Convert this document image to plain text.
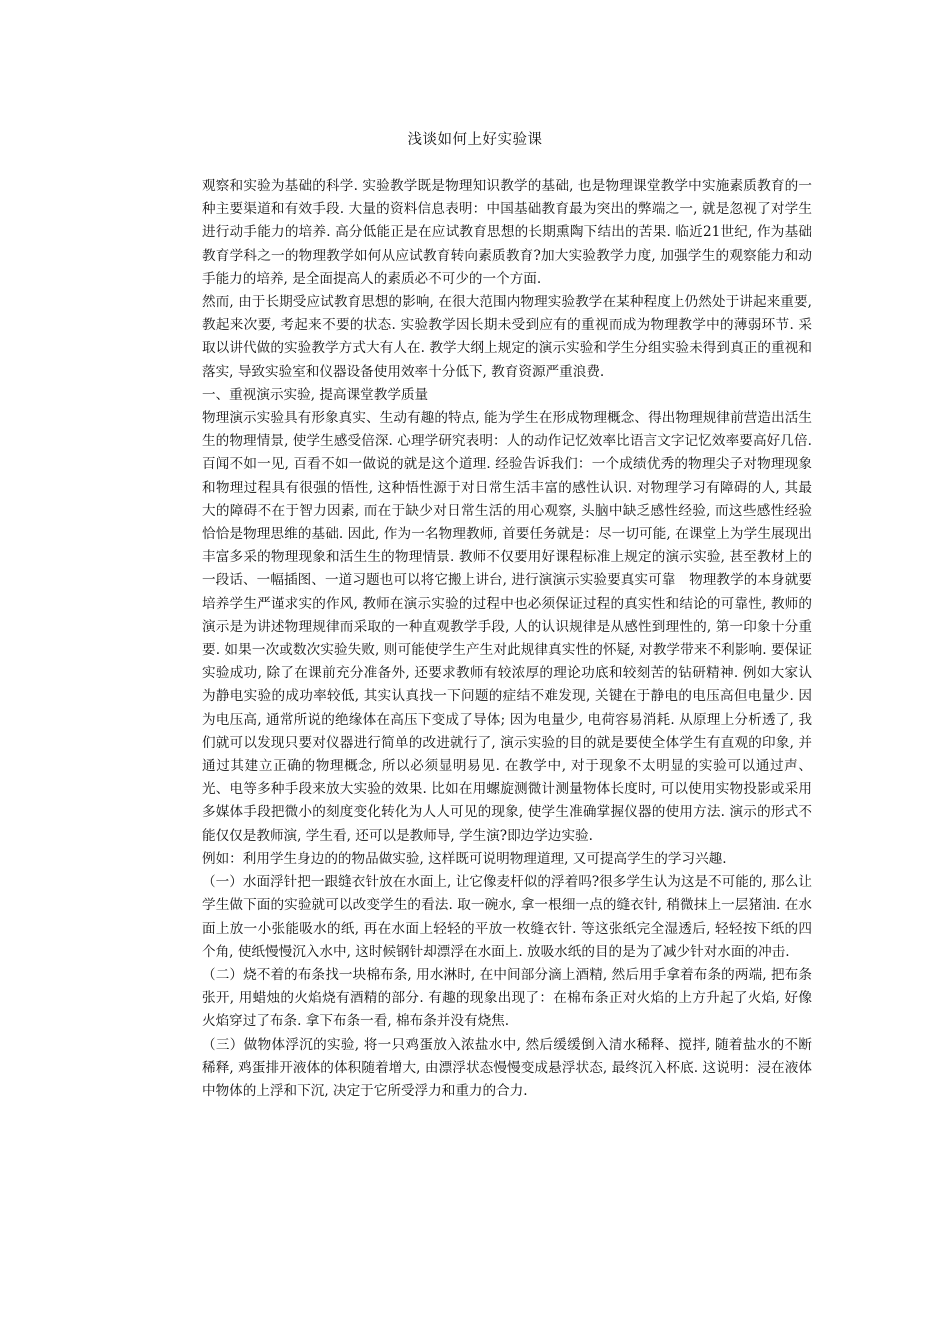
浅谈如何上好实验课

观察和实验为基础的科学. 实验教学既是物理知识教学的基础, 也是物理课堂教学中实施素质教育的一种主要渠道和有效手段. 大量的资料信息表明：中国基础教育最为突出的弊端之一, 就是忽视了对学生进行动手能力的培养. 高分低能正是在应试教育思想的长期熏陶下结出的苦果. 临近21世纪, 作为基础教育学科之一的物理教学如何从应试教育转向素质教育?加大实验教学力度, 加强学生的观察能力和动手能力的培养, 是全面提高人的素质必不可少的一个方面.

然而, 由于长期受应试教育思想的影响, 在很大范围内物理实验教学在某种程度上仍然处于讲起来重要, 教起来次要, 考起来不要的状态. 实验教学因长期未受到应有的重视而成为物理教学中的薄弱环节. 采取以讲代做的实验教学方式大有人在. 教学大纲上规定的演示实验和学生分组实验未得到真正的重视和落实, 导致实验室和仪器设备使用效率十分低下, 教育资源严重浪费.

一、重视演示实验, 提高课堂教学质量

物理演示实验具有形象真实、生动有趣的特点, 能为学生在形成物理概念、得出物理规律前营造出活生生的物理情景, 使学生感受倍深. 心理学研究表明：人的动作记忆效率比语言文字记忆效率要高好几倍. 百闻不如一见, 百看不如一做说的就是这个道理. 经验告诉我们：一个成绩优秀的物理尖子对物理现象和物理过程具有很强的悟性, 这种悟性源于对日常生活丰富的感性认识. 对物理学习有障碍的人, 其最大的障碍不在于智力因素, 而在于缺少对日常生活的用心观察, 头脑中缺乏感性经验, 而这些感性经验恰恰是物理思维的基础. 因此, 作为一名物理教师, 首要任务就是：尽一切可能, 在课堂上为学生展现出丰富多采的物理现象和活生生的物理情景. 教师不仅要用好课程标准上规定的演示实验, 甚至教材上的一段话、一幅插图、一道习题也可以将它搬上讲台, 进行演演示实验要真实可靠　物理教学的本身就要培养学生严谨求实的作风, 教师在演示实验的过程中也必须保证过程的真实性和结论的可靠性, 教师的演示是为讲述物理规律而采取的一种直观教学手段, 人的认识规律是从感性到理性的, 第一印象十分重要. 如果一次或数次实验失败, 则可能使学生产生对此规律真实性的怀疑, 对教学带来不利影响. 要保证实验成功, 除了在课前充分准备外, 还要求教师有较浓厚的理论功底和较刻苦的钻研精神. 例如大家认为静电实验的成功率较低, 其实认真找一下问题的症结不难发现, 关键在于静电的电压高但电量少. 因为电压高, 通常所说的绝缘体在高压下变成了导体; 因为电量少, 电荷容易消耗. 从原理上分析透了, 我们就可以发现只要对仪器进行简单的改进就行了, 演示实验的目的就是要使全体学生有直观的印象, 并通过其建立正确的物理概念, 所以必须显明易见. 在教学中, 对于现象不太明显的实验可以通过声、光、电等多种手段来放大实验的效果. 比如在用螺旋测微计测量物体长度时, 可以使用实物投影或采用多媒体手段把微小的刻度变化转化为人人可见的现象, 使学生准确掌握仪器的使用方法. 演示的形式不能仅仅是教师演, 学生看, 还可以是教师导, 学生演?即边学边实验.

例如：利用学生身边的的物品做实验, 这样既可说明物理道理, 又可提高学生的学习兴趣.

（一）水面浮针把一跟缝衣针放在水面上, 让它像麦杆似的浮着吗?很多学生认为这是不可能的, 那么让学生做下面的实验就可以改变学生的看法. 取一碗水, 拿一根细一点的缝衣针, 稍微抹上一层猪油. 在水面上放一小张能吸水的纸, 再在水面上轻轻的平放一枚缝衣针. 等这张纸完全湿透后, 轻轻按下纸的四个角, 使纸慢慢沉入水中, 这时候钢针却漂浮在水面上. 放吸水纸的目的是为了减少针对水面的冲击.

（二）烧不着的布条找一块棉布条, 用水淋时, 在中间部分滴上酒精, 然后用手拿着布条的两端, 把布条张开, 用蜡烛的火焰烧有酒精的部分. 有趣的现象出现了：在棉布条正对火焰的上方升起了火焰, 好像火焰穿过了布条. 拿下布条一看, 棉布条并没有烧焦.

（三）做物体浮沉的实验, 将一只鸡蛋放入浓盐水中, 然后缓缓倒入清水稀释、搅拌, 随着盐水的不断稀释, 鸡蛋排开液体的体积随着增大, 由漂浮状态慢慢变成悬浮状态, 最终沉入杯底. 这说明：浸在液体中物体的上浮和下沉, 决定于它所受浮力和重力的合力.
